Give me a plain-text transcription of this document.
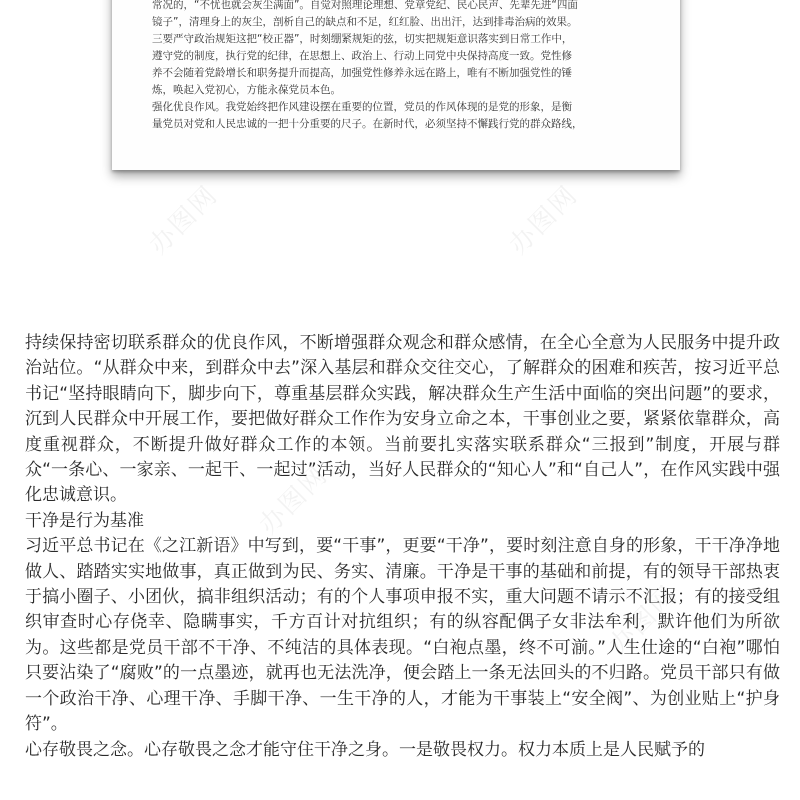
常况的，“不忧也就会灰尘满面”。自觉对照理论理想、党章党纪、民心民声、先辈先进“四面

镜子”，清理身上的灰尘，剖析自己的缺点和不足，红红脸、出出汗，达到排毒治病的效果。

三要严守政治规矩这把“校正器”，时刻绷紧规矩的弦，切实把规矩意识落实到日常工作中，

遵守党的制度，执行党的纪律，在思想上、政治上、行动上同党中央保持高度一致。党性修

养不会随着党龄增长和职务提升而提高，加强党性修养永远在路上，唯有不断加强党性的锤

炼，唤起入党初心，方能永葆党员本色。

强化优良作风。我党始终把作风建设摆在重要的位置，党员的作风体现的是党的形象，是衡

量党员对党和人民忠诚的一把十分重要的尺子。在新时代，必须坚持不懈践行党的群众路线，

办图网	办图网
办图网
办图网

持续保持密切联系群众的优良作风，不断增强群众观念和群众感情，在全心全意为人民服务中提升政治站位。“从群众中来，到群众中去”深入基层和群众交往交心，了解群众的困难和疾苦，按习近平总书记“坚持眼睛向下，脚步向下，尊重基层群众实践，解决群众生产生活中面临的突出问题”的要求，沉到人民群众中开展工作，要把做好群众工作作为安身立命之本，干事创业之要，紧紧依靠群众，高度重视群众，不断提升做好群众工作的本领。当前要扎实落实联系群众“三报到”制度，开展与群众“一条心、一家亲、一起干、一起过”活动，当好人民群众的“知心人”和“自己人”，在作风实践中强化忠诚意识。

干净是行为基准

习近平总书记在《之江新语》中写到，要“干事”，更要“干净”，要时刻注意自身的形象，干干净净地做人、踏踏实实地做事，真正做到为民、务实、清廉。干净是干事的基础和前提，有的领导干部热衷于搞小圈子、小团伙，搞非组织活动；有的个人事项申报不实，重大问题不请示不汇报；有的接受组织审查时心存侥幸、隐瞒事实，千方百计对抗组织；有的纵容配偶子女非法牟利，默许他们为所欲为。这些都是党员干部不干净、不纯洁的具体表现。“白袍点墨，终不可湔。”人生仕途的“白袍”哪怕只要沾染了“腐败”的一点墨迹，就再也无法洗净，便会踏上一条无法回头的不归路。党员干部只有做一个政治干净、心理干净、手脚干净、一生干净的人，才能为干事装上“安全阀”、为创业贴上“护身符”。

心存敬畏之念。心存敬畏之念才能守住干净之身。一是敬畏权力。权力本质上是人民赋予的
